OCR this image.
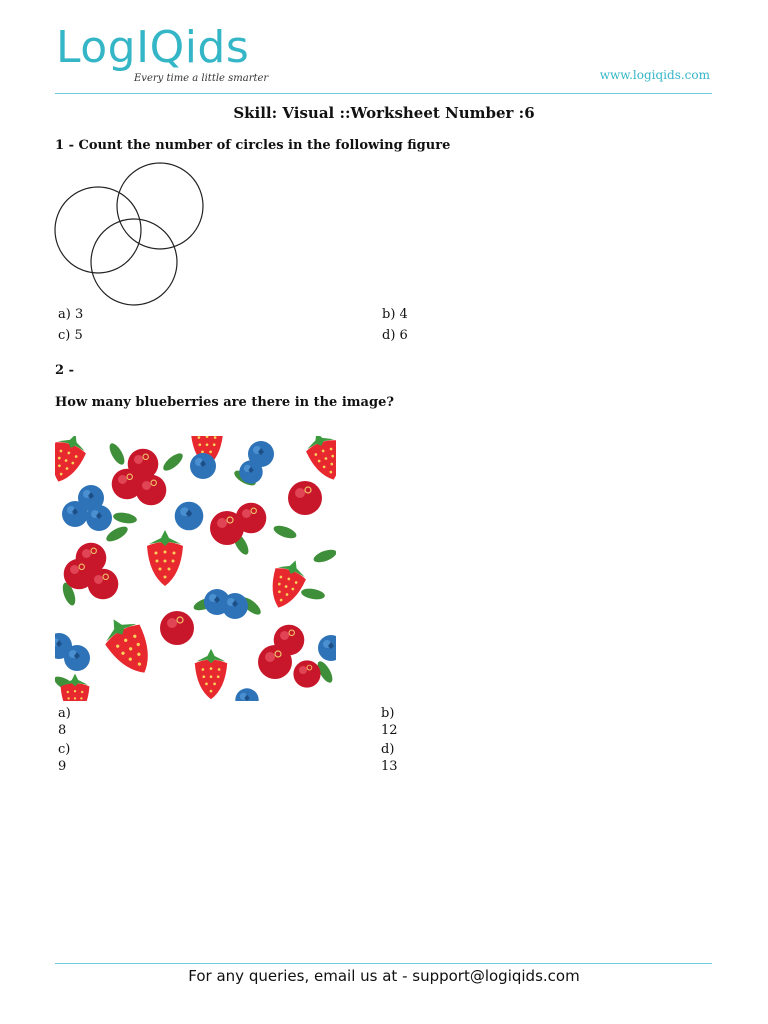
LogIQids
Every time a little smarter	www.logiqids.com
Skill: Visual ::Worksheet Number :6
1 - Count the number of circles in the following figure
a) 3	b) 4
c) 5	d) 6
2 -
How many blueberries are there in the image?
a)
8
b)
12
c)
9
d)
13
For any queries, email us at - support@logiqids.com
